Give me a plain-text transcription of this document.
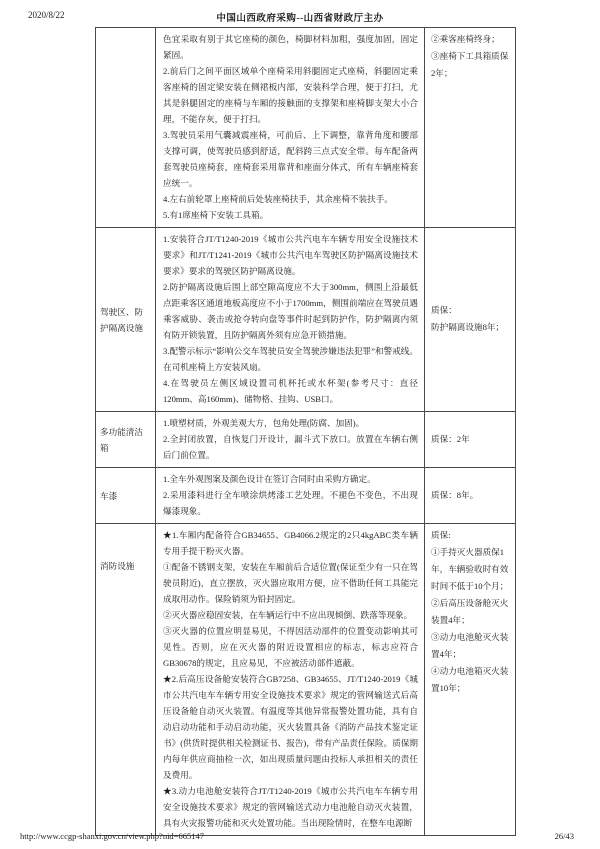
2020/8/22	中国山西政府采购--山西省财政厅主办

色宜采取有别于其它座椅的颜色，椅脚材料加粗，强度加固，固定紧固。

2.前后门之间平面区域单个座椅采用斜腿固定式座椅，斜腿固定乘客座椅的固定梁安装在侧裙板内部，安装科学合理，便于打扫，尤其是斜腿固定的座椅与车厢的接触面的支撑架和座椅脚支架大小合理，不能存灰，便于打扫。

3.驾驶员采用气囊减震座椅，可前后、上下调整，靠背角度和腰部支撑可调，使驾驶员感到舒适，配斜跨三点式安全带。每车配备两套驾驶员座椅套，座椅套采用靠背和座面分体式，所有车辆座椅套应统一。

4.左右前轮罩上座椅前后处装座椅扶手，其余座椅不装扶手。

5.有1席座椅下安装工具箱。

②乘客座椅终身；

③座椅下工具箱质保2年；

驾驶区、防护隔离设施

1.安装符合JT/T1240-2019《城市公共汽电车车辆专用安全设施技术要求》和JT/T1241-2019《城市公共汽电车驾驶区防护隔离设施技术要求》要求的驾驶区防护隔离设施。

2.防护隔离设施后围上部空隙高度应不大于300mm，侧围上沿最低点距乘客区通道地板高度应不小于1700mm，侧围前端应在驾驶员遇乘客威胁、袭击或抢夺转向盘等事件时起到防护作，防护隔离内须有防开锁装置，且防护隔离外须有应急开锁措施。

3.配警示标示“影响公交车驾驶员安全驾驶涉嫌违法犯罪”和警戒线。在司机座椅上方安装风扇。

4.在驾驶员左侧区域设置司机杯托或水杯架(参考尺寸：直径120mm、高160mm)、储物格、挂钩、USB口。

质保：

防护隔离设施8年；

多功能清洁箱

1.喷塑材质，外观美观大方，包角处理(防腐、加固)。

2.全封闭放置，自恢复门开设计，漏斗式下放口。放置在车辆右侧后门前位置。

质保：2年

车漆

1.全车外观图案及颜色设计在签订合同时由采购方确定。

2.采用漆料进行全车喷涂烘烤漆工艺处理。不褪色不变色，不出现爆漆现象。

质保：8年。

消防设施

★1.车厢内配备符合GB34655、GB4066.2规定的2只4kgABC类车辆专用手提干粉灭火器。

①配备不锈钢支架，安装在车厢前后合适位置(保证至少有一只在驾驶员附近)，直立摆放，灭火器应取用方便，应不借助任何工具能完成取用动作。保险销须为铅封固定。

②灭火器应稳固安装，在车辆运行中不应出现倾倒、跌落等现象。

③灭火器的位置应明显易见，不得因活动部件的位置变动影响其可见性。否则，应在灭火器的附近设置相应的标志，标志应符合GB30678的规定，且应易见，不应被活动部件遮蔽。

★2.后高压设备舱安装符合GB7258、GB34655、JT/T1240-2019《城市公共汽电车车辆专用安全设施技术要求》规定的管网输送式后高压设备舱自动灭火装置。有温度等其他异常报警处置功能，具有自动启动功能和手动启动功能，灭火装置具备《消防产品技术鉴定证书》(供货时提供相关检测证书、报告)，带有产品责任保险。质保期内每年供应商抽检一次，如出现质量问题由投标人承担相关的责任及费用。

★3.动力电池舱安装符合JT/T1240-2019《城市公共汽电车车辆专用安全设施技术要求》规定的管网输送式动力电池舱自动灭火装置，具有火灾报警功能和灭火处置功能。当出现险情时，在整车电源断

质保:

①手持灭火器质保1年，车辆验收时有效时间不低于10个月；

②后高压设备舱灭火装置4年；

③动力电池舱灭火装置4年；

④动力电池箱灭火装置10年；

http://www.ccgp-shanxi.gov.cn/view.php?nid=665147	26/43
